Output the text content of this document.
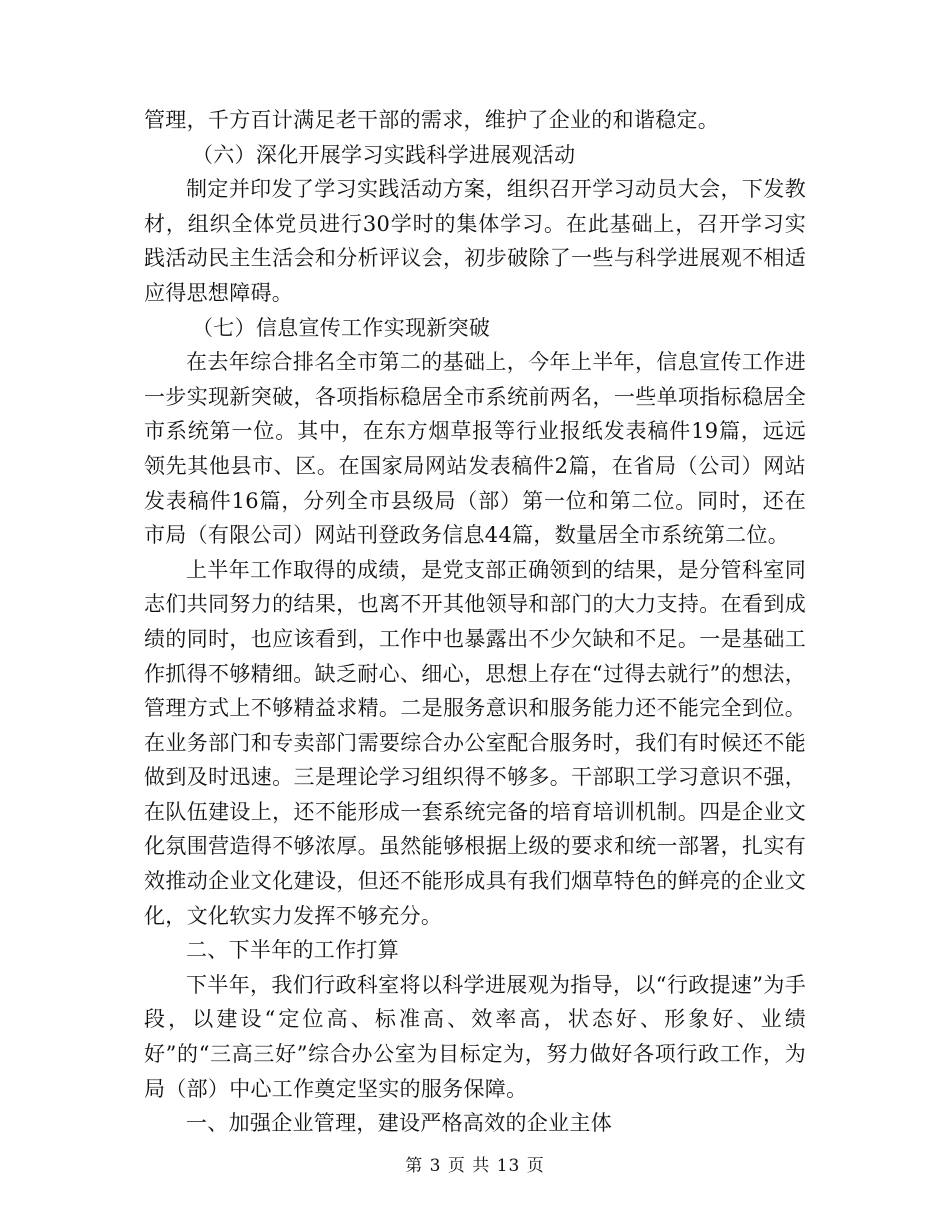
管理，千方百计满足老干部的需求，维护了企业的和谐稳定。

（六）深化开展学习实践科学进展观活动

制定并印发了学习实践活动方案，组织召开学习动员大会，下发教材，组织全体党员进行30学时的集体学习。在此基础上，召开学习实践活动民主生活会和分析评议会，初步破除了一些与科学进展观不相适应得思想障碍。

（七）信息宣传工作实现新突破

在去年综合排名全市第二的基础上，今年上半年，信息宣传工作进一步实现新突破，各项指标稳居全市系统前两名，一些单项指标稳居全市系统第一位。其中，在东方烟草报等行业报纸发表稿件19篇，远远领先其他县市、区。在国家局网站发表稿件2篇，在省局（公司）网站发表稿件16篇，分列全市县级局（部）第一位和第二位。同时，还在市局（有限公司）网站刊登政务信息44篇，数量居全市系统第二位。

上半年工作取得的成绩，是党支部正确领到的结果，是分管科室同志们共同努力的结果，也离不开其他领导和部门的大力支持。在看到成绩的同时，也应该看到，工作中也暴露出不少欠缺和不足。一是基础工作抓得不够精细。缺乏耐心、细心，思想上存在“过得去就行”的想法，管理方式上不够精益求精。二是服务意识和服务能力还不能完全到位。在业务部门和专卖部门需要综合办公室配合服务时，我们有时候还不能做到及时迅速。三是理论学习组织得不够多。干部职工学习意识不强，在队伍建设上，还不能形成一套系统完备的培育培训机制。四是企业文化氛围营造得不够浓厚。虽然能够根据上级的要求和统一部署，扎实有效推动企业文化建设，但还不能形成具有我们烟草特色的鲜亮的企业文化，文化软实力发挥不够充分。

二、下半年的工作打算

下半年，我们行政科室将以科学进展观为指导，以“行政提速”为手段，以建设“定位高、标准高、效率高，状态好、形象好、业绩好”的“三高三好”综合办公室为目标定为，努力做好各项行政工作，为局（部）中心工作奠定坚实的服务保障。

一、加强企业管理，建设严格高效的企业主体

第 3 页 共 13 页
